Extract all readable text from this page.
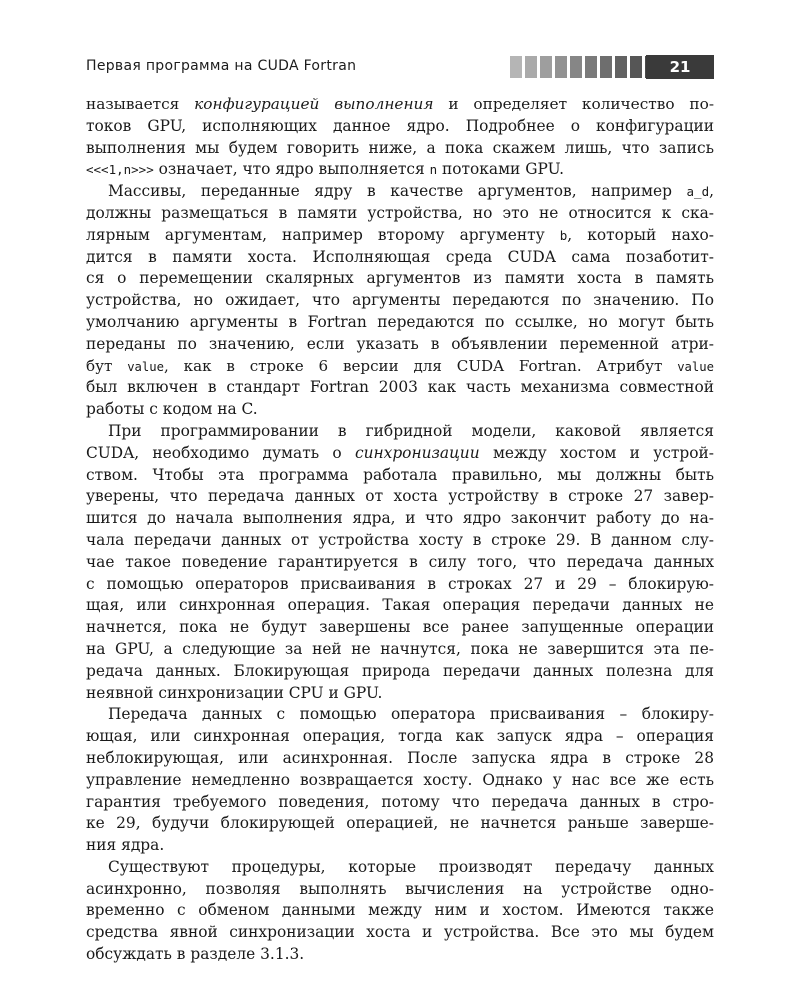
Первая программа на CUDA Fortran	21
называется конфигурацией выполнения и определяет количество по-
токов GPU, исполняющих данное ядро. Подробнее о конфигурации
выполнения мы будем говорить ниже, а пока скажем лишь, что запись
<<<1,n>>> означает, что ядро выполняется n потоками GPU.
Массивы, переданные ядру в качестве аргументов, например a_d,
должны размещаться в памяти устройства, но это не относится к ска-
лярным аргументам, например второму аргументу b, который нахо-
дится в памяти хоста. Исполняющая среда CUDA сама позаботит-
ся о перемещении скалярных аргументов из памяти хоста в память
устройства, но ожидает, что аргументы передаются по значению. По
умолчанию аргументы в Fortran передаются по ссылке, но могут быть
переданы по значению, если указать в объявлении переменной атри-
бут value, как в строке 6 версии для CUDA Fortran. Атрибут value
был включен в стандарт Fortran 2003 как часть механизма совместной
работы с кодом на C.
При программировании в гибридной модели, каковой является
CUDA, необходимо думать о синхронизации между хостом и устрой-
ством. Чтобы эта программа работала правильно, мы должны быть
уверены, что передача данных от хоста устройству в строке 27 завер-
шится до начала выполнения ядра, и что ядро закончит работу до на-
чала передачи данных от устройства хосту в строке 29. В данном слу-
чае такое поведение гарантируется в силу того, что передача данных
с помощью операторов присваивания в строках 27 и 29 – блокирую-
щая, или синхронная операция. Такая операция передачи данных не
начнется, пока не будут завершены все ранее запущенные операции
на GPU, а следующие за ней не начнутся, пока не завершится эта пе-
редача данных. Блокирующая природа передачи данных полезна для
неявной синхронизации CPU и GPU.
Передача данных с помощью оператора присваивания – блокиру-
ющая, или синхронная операция, тогда как запуск ядра – операция
неблокирующая, или асинхронная. После запуска ядра в строке 28
управление немедленно возвращается хосту. Однако у нас все же есть
гарантия требуемого поведения, потому что передача данных в стро-
ке 29, будучи блокирующей операцией, не начнется раньше заверше-
ния ядра.
Существуют процедуры, которые производят передачу данных
асинхронно, позволяя выполнять вычисления на устройстве одно-
временно с обменом данными между ним и хостом. Имеются также
средства явной синхронизации хоста и устройства. Все это мы будем
обсуждать в разделе 3.1.3.
